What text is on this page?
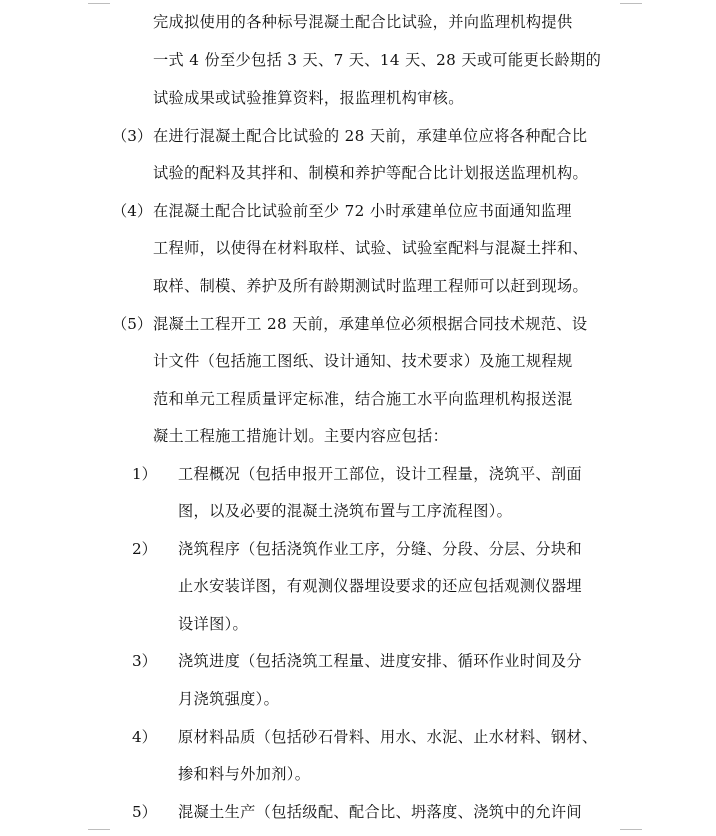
完成拟使用的各种标号混凝土配合比试验，并向监理机构提供
一式 4 份至少包括 3 天、7 天、14 天、28 天或可能更长龄期的
试验成果或试验推算资料，报监理机构审核。
（3） 在进行混凝土配合比试验的 28 天前，承建单位应将各种配合比
试验的配料及其拌和、制模和养护等配合比计划报送监理机构。
（4） 在混凝土配合比试验前至少 72 小时承建单位应书面通知监理
工程师，以使得在材料取样、试验、试验室配料与混凝土拌和、
取样、制模、养护及所有龄期测试时监理工程师可以赶到现场。
（5） 混凝土工程开工 28 天前，承建单位必须根据合同技术规范、设
计文件（包括施工图纸、设计通知、技术要求）及施工规程规
范和单元工程质量评定标准，结合施工水平向监理机构报送混
凝土工程施工措施计划。主要内容应包括：
1） 工程概况（包括申报开工部位，设计工程量，浇筑平、剖面
图，以及必要的混凝土浇筑布置与工序流程图）。
2） 浇筑程序（包括浇筑作业工序，分缝、分段、分层、分块和
止水安装详图，有观测仪器埋设要求的还应包括观测仪器埋
设详图）。
3） 浇筑进度（包括浇筑工程量、进度安排、循环作业时间及分
月浇筑强度）。
4） 原材料品质（包括砂石骨料、用水、水泥、止水材料、钢材、
掺和料与外加剂）。
5） 混凝土生产（包括级配、配合比、坍落度、浇筑中的允许间
